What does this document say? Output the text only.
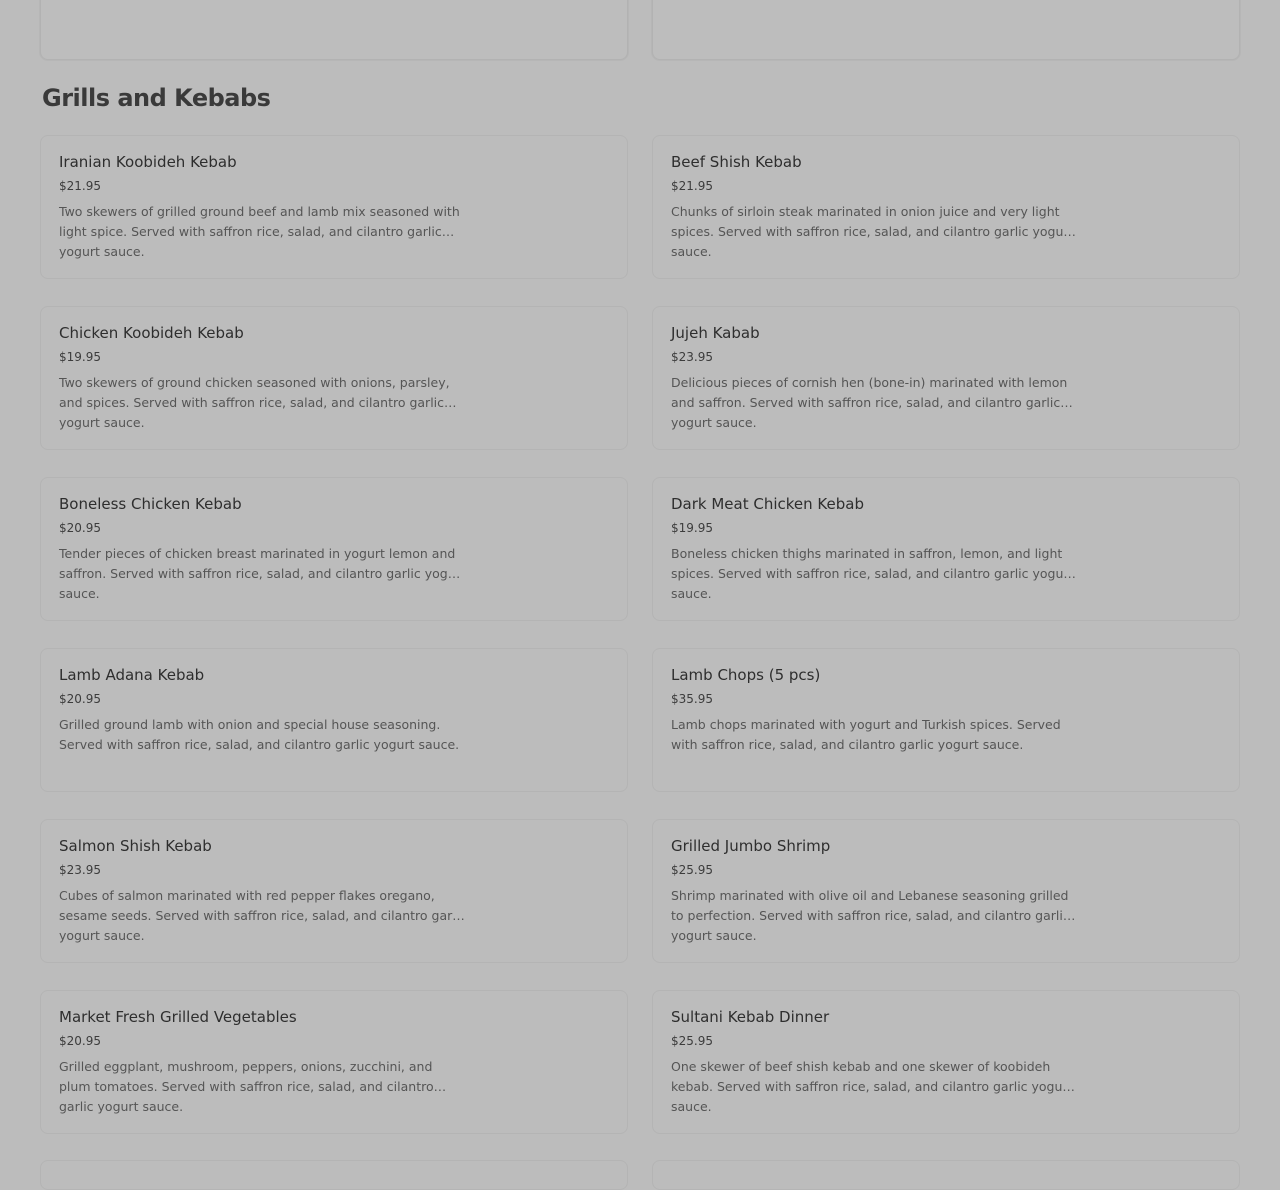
Grills and Kebabs

Iranian Koobideh Kebab

$21.95

Two skewers of grilled ground beef and lamb mix seasoned with light spice. Served with saffron rice, salad, and cilantro garlic yogurt sauce.

Beef Shish Kebab

$21.95

Chunks of sirloin steak marinated in onion juice and very light spices. Served with saffron rice, salad, and cilantro garlic yogurt sauce.

Chicken Koobideh Kebab

$19.95

Two skewers of ground chicken seasoned with onions, parsley, and spices. Served with saffron rice, salad, and cilantro garlic yogurt sauce.

Jujeh Kabab

$23.95

Delicious pieces of cornish hen (bone-in) marinated with lemon and saffron. Served with saffron rice, salad, and cilantro garlic yogurt sauce.

Boneless Chicken Kebab

$20.95

Tender pieces of chicken breast marinated in yogurt lemon and saffron. Served with saffron rice, salad, and cilantro garlic yogurt sauce.

Dark Meat Chicken Kebab

$19.95

Boneless chicken thighs marinated in saffron, lemon, and light spices. Served with saffron rice, salad, and cilantro garlic yogurt sauce.

Lamb Adana Kebab

$20.95

Grilled ground lamb with onion and special house seasoning. Served with saffron rice, salad, and cilantro garlic yogurt sauce.

Lamb Chops (5 pcs)

$35.95

Lamb chops marinated with yogurt and Turkish spices. Served with saffron rice, salad, and cilantro garlic yogurt sauce.

Salmon Shish Kebab

$23.95

Cubes of salmon marinated with red pepper flakes oregano, sesame seeds. Served with saffron rice, salad, and cilantro garlic yogurt sauce.

Grilled Jumbo Shrimp

$25.95

Shrimp marinated with olive oil and Lebanese seasoning grilled to perfection. Served with saffron rice, salad, and cilantro garlic yogurt sauce.

Market Fresh Grilled Vegetables

$20.95

Grilled eggplant, mushroom, peppers, onions, zucchini, and plum tomatoes. Served with saffron rice, salad, and cilantro garlic yogurt sauce.

Sultani Kebab Dinner

$25.95

One skewer of beef shish kebab and one skewer of koobideh kebab. Served with saffron rice, salad, and cilantro garlic yogurt sauce.
